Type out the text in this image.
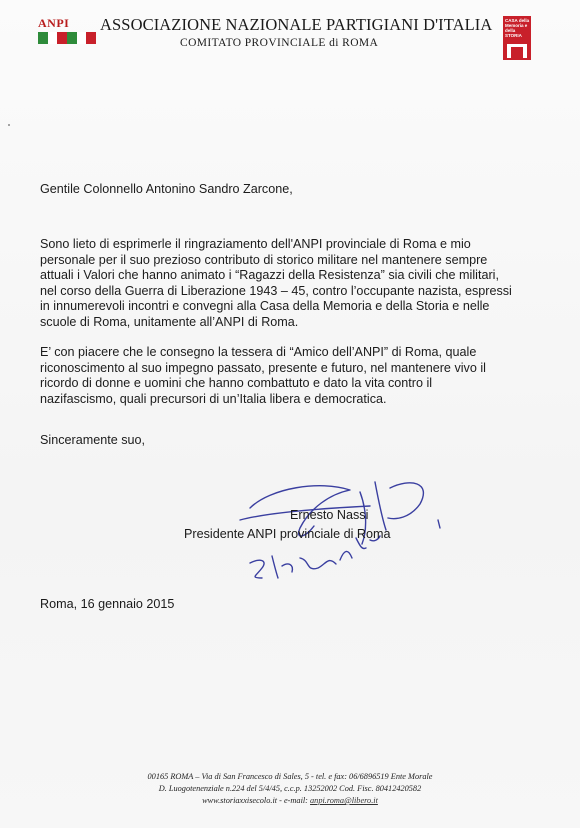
ANPI ASSOCIAZIONE NAZIONALE PARTIGIANI D'ITALIA
COMITATO PROVINCIALE di ROMA
CASA della Memoria e della STORIA
Gentile Colonnello Antonino Sandro Zarcone,
Sono lieto di esprimerle il ringraziamento dell'ANPI provinciale di Roma e mio
personale per il suo prezioso contributo di storico militare nel mantenere sempre
attuali i Valori che hanno animato i “Ragazzi della Resistenza” sia civili che militari,
nel corso della Guerra di Liberazione 1943 – 45, contro l’occupante nazista, espressi
in innumerevoli incontri e convegni alla Casa della Memoria e della Storia e nelle
scuole di Roma, unitamente all’ANPI di Roma.
E’ con piacere che le consegno la tessera di “Amico dell’ANPI” di Roma, quale
riconoscimento al suo impegno passato, presente e futuro, nel mantenere vivo il
ricordo di donne e uomini che hanno combattuto e dato la vita contro il
nazifascismo, quali precursori di un’Italia libera e democratica.
Sinceramente suo,
Ernesto Nassi
Presidente ANPI provinciale di Roma
Roma, 16 gennaio 2015
00165 ROMA – Via di San Francesco di Sales, 5 - tel. e fax: 06/6896519 Ente Morale
D. Luogotenenziale n.224 del 5/4/45, c.c.p. 13252002 Cod. Fisc. 80412420582
www.storiaxxisecolo.it - e-mail: anpi.roma@libero.it
